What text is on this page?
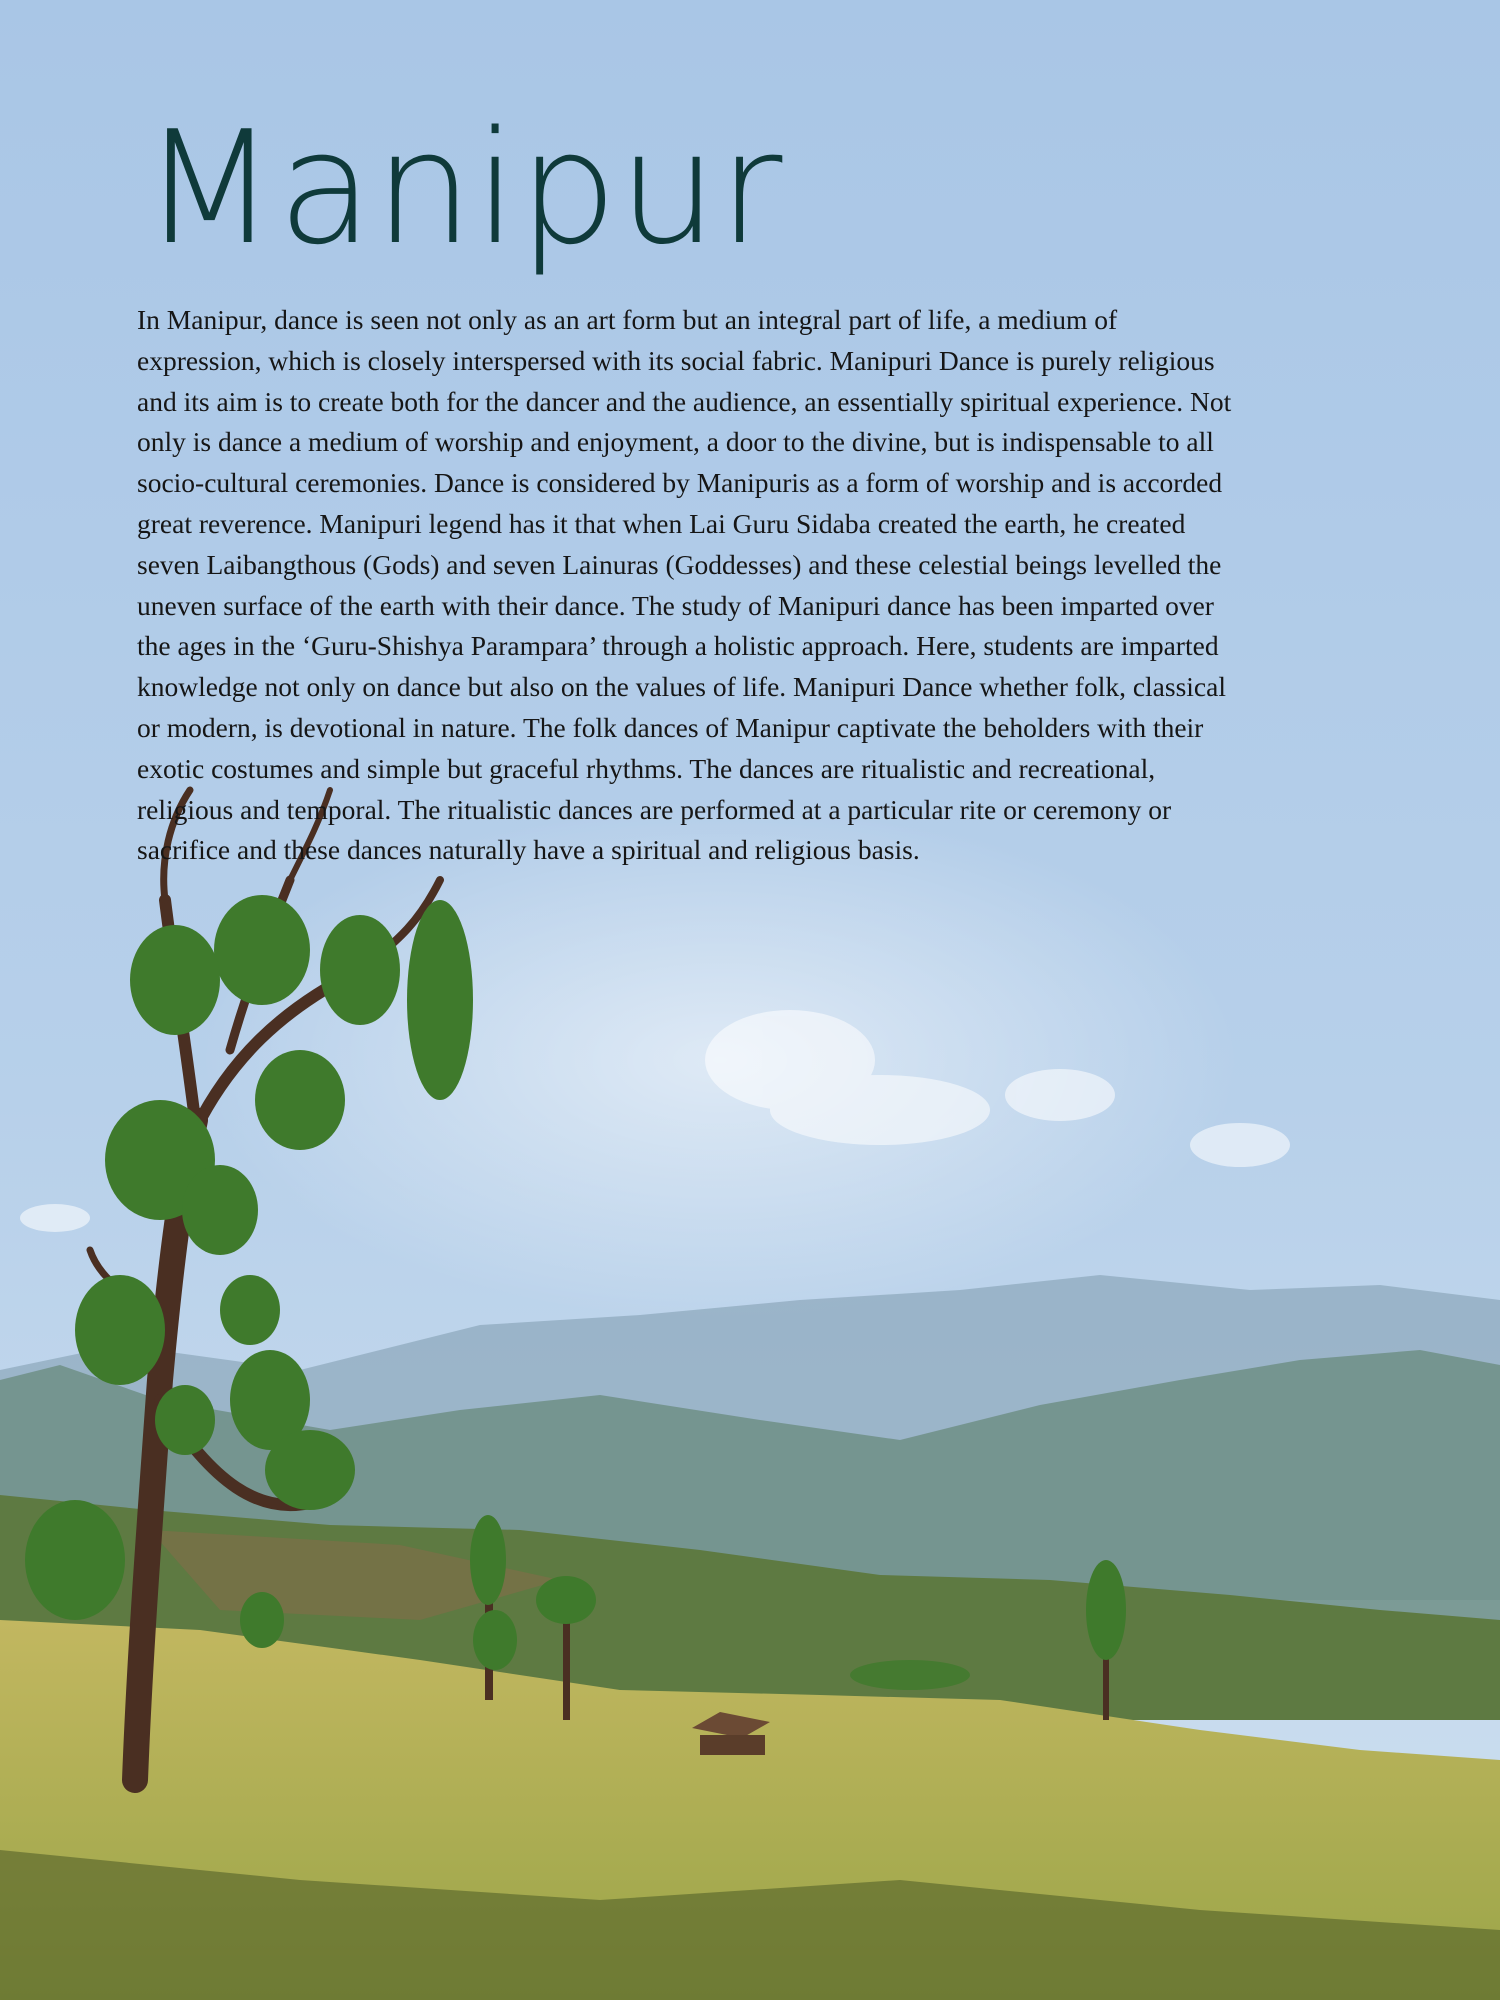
Manipur
In Manipur, dance is seen not only as an art form but an integral part of life, a medium of
expression, which is closely interspersed with its social fabric. Manipuri Dance is purely religious
and its aim is to create both for the dancer and the audience, an essentially spiritual experience. Not
only is dance a medium of worship and enjoyment, a door to the divine, but is indispensable to all
socio-cultural ceremonies. Dance is considered by Manipuris as a form of worship and is accorded
great reverence. Manipuri legend has it that when Lai Guru Sidaba created the earth, he created
seven Laibangthous (Gods) and seven Lainuras (Goddesses) and these celestial beings levelled the
uneven surface of the earth with their dance. The study of Manipuri dance has been imparted over
the ages in the ‘Guru-Shishya Parampara’ through a holistic approach. Here, students are imparted
knowledge not only on dance but also on the values of life. Manipuri Dance whether folk, classical
or modern, is devotional in nature. The folk dances of Manipur captivate the beholders with their
exotic costumes and simple but graceful rhythms. The dances are ritualistic and recreational,
religious and temporal. The ritualistic dances are performed at a particular rite or ceremony or
sacrifice and these dances naturally have a spiritual and religious basis.
